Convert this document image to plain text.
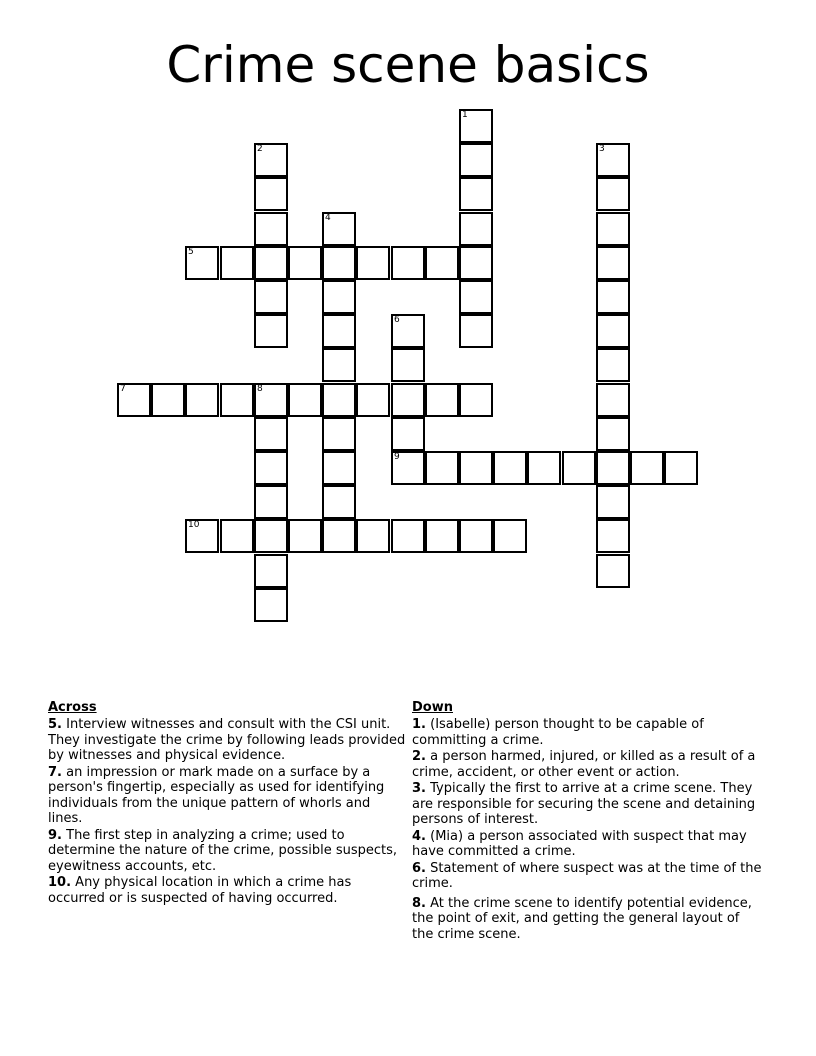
Crime scene basics
1
2	3
4
5
6
9
7	8
10
Across
5. Interview witnesses and consult with the CSI unit. They investigate the crime by following leads provided by witnesses and physical evidence.
7. an impression or mark made on a surface by a person's fingertip, especially as used for identifying individuals from the unique pattern of whorls and lines.
9. The first step in analyzing a crime; used to determine the nature of the crime, possible suspects, eyewitness accounts, etc.
10. Any physical location in which a crime has occurred or is suspected of having occurred.
Down
1. (Isabelle) person thought to be capable of committing a crime.
2. a person harmed, injured, or killed as a result of a crime, accident, or other event or action.
3. Typically the first to arrive at a crime scene. They are responsible for securing the scene and detaining persons of interest.
4. (Mia) a person associated with suspect that may have committed a crime.
6. Statement of where suspect was at the time of the crime.
8. At the crime scene to identify potential evidence, the point of exit, and getting the general layout of the crime scene.
